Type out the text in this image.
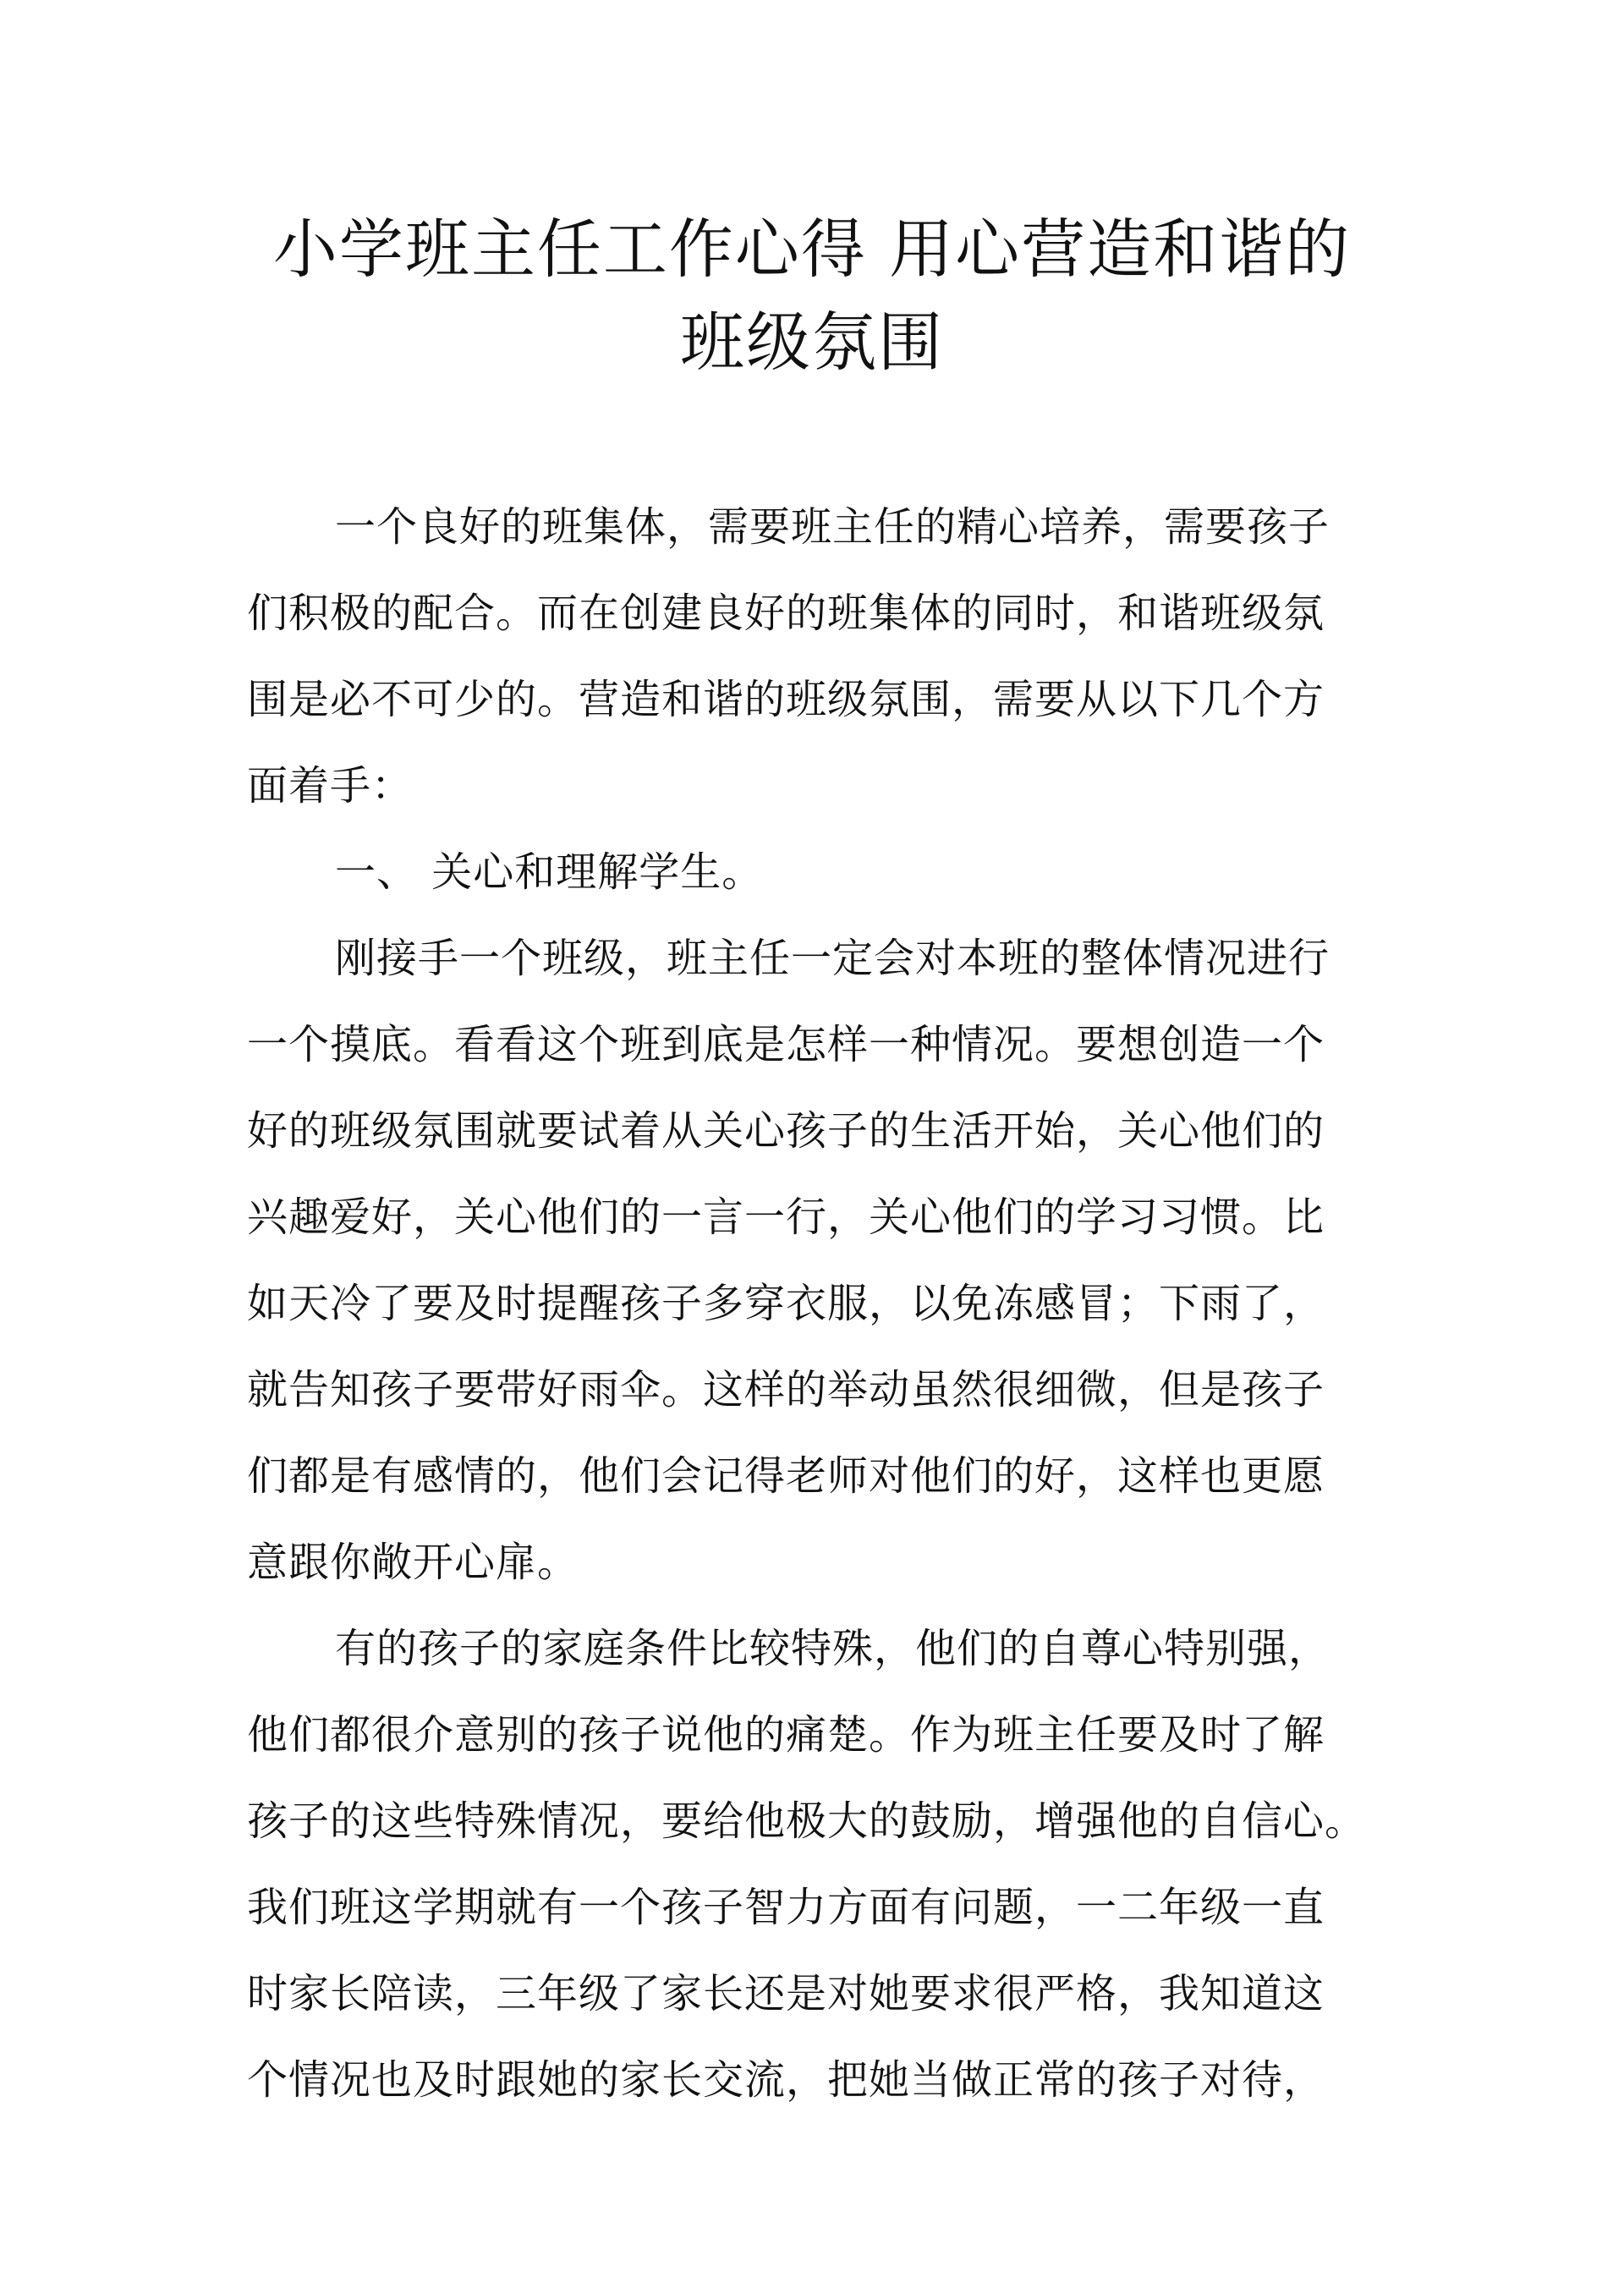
小学班主任工作心得 用心营造和谐的
班级氛围
一个良好的班集体，需要班主任的精心培养，需要孩子
们积极的配合。而在创建良好的班集体的同时，和谐班级氛
围是必不可少的。营造和谐的班级氛围，需要从以下几个方
面着手：
一、 关心和理解学生。
刚接手一个班级，班主任一定会对本班的整体情况进行
一个摸底。看看这个班到底是怎样一种情况。要想创造一个
好的班级氛围就要试着从关心孩子的生活开始，关心他们的
兴趣爱好，关心他们的一言一行，关心他们的学习习惯。比
如天冷了要及时提醒孩子多穿衣服，以免冻感冒；下雨了，
就告知孩子要带好雨伞。这样的举动虽然很细微，但是孩子
们都是有感情的，他们会记得老师对他们的好，这样也更愿
意跟你敞开心扉。
有的孩子的家庭条件比较特殊，他们的自尊心特别强，
他们都很介意别的孩子说他的痛楚。作为班主任要及时了解
孩子的这些特殊情况，要给他极大的鼓励，增强他的自信心。
我们班这学期就有一个孩子智力方面有问题，一二年级一直
时家长陪读，三年级了家长还是对她要求很严格，我知道这
个情况也及时跟她的家长交流，把她当做正常的孩子对待，
